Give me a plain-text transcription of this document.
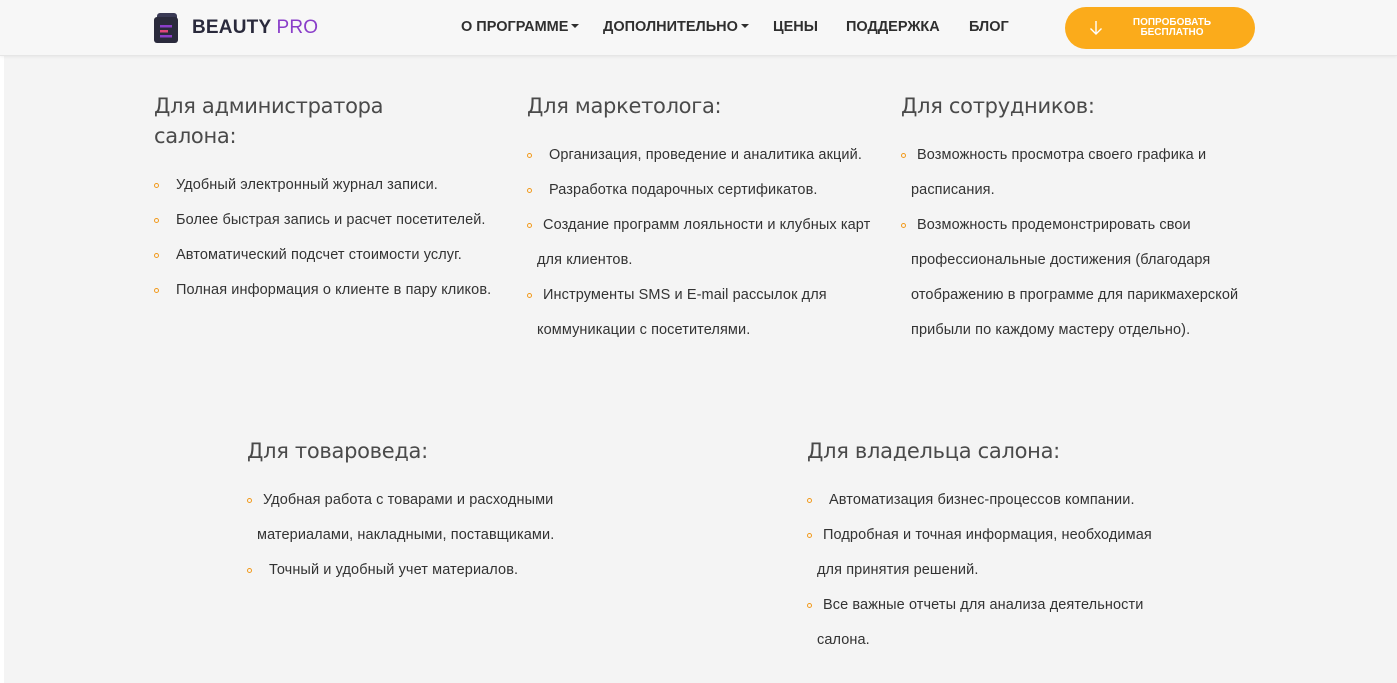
BEAUTY PRO	О ПРОГРАММЕ	ДОПОЛНИТЕЛЬНО	ЦЕНЫ ПОДДЕРЖКА БЛОГ	ПОПРОБОВАТЬ
БЕСПЛАТНО
Для администратора
салона:
Удобный электронный журнал записи.
Более быстрая запись и расчет посетителей.
Автоматический подсчет стоимости услуг.
Полная информация о клиенте в пару кликов.
Для маркетолога:
Организация, проведение и аналитика акций.
Разработка подарочных сертификатов.
Создание программ лояльности и клубных карт
для клиентов.
Инструменты SMS и E-mail рассылок для
коммуникации с посетителями.
Для сотрудников:
Возможность просмотра своего графика и
расписания.
Возможность продемонстрировать свои
профессиональные достижения (благодаря
отображению в программе для парикмахерской
прибыли по каждому мастеру отдельно).
Для товароведа:
Удобная работа с товарами и расходными
материалами, накладными, поставщиками.
Точный и удобный учет материалов.
Для владельца салона:
Автоматизация бизнес-процессов компании.
Подробная и точная информация, необходимая
для принятия решений.
Все важные отчеты для анализа деятельности
салона.
